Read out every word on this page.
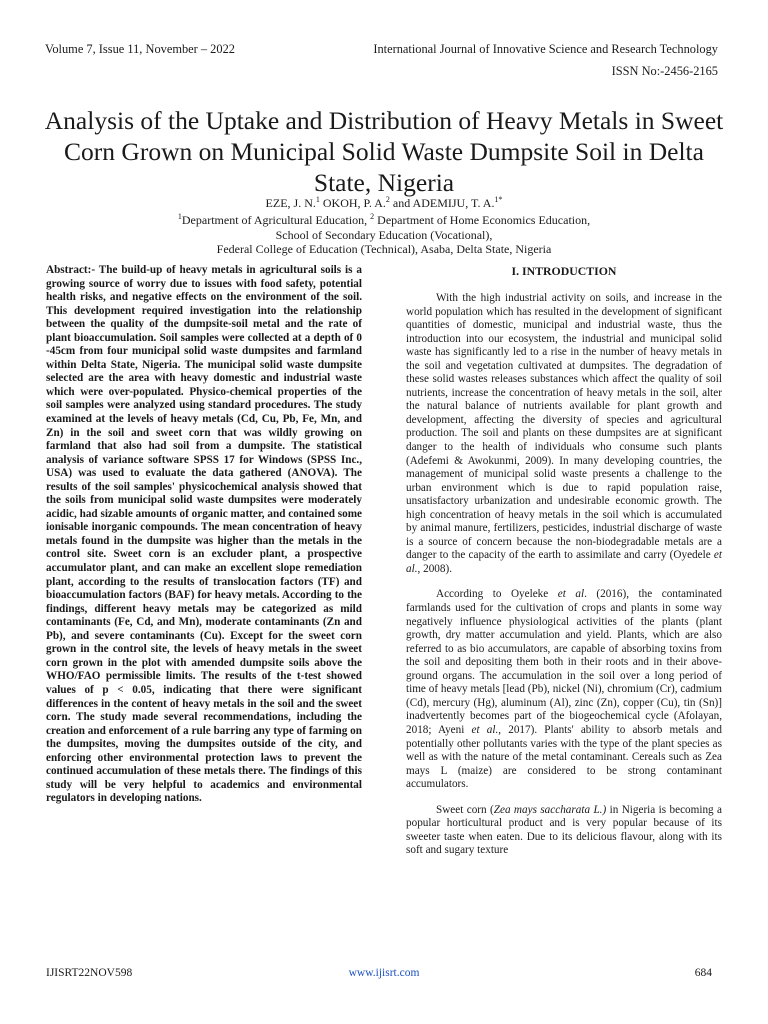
Volume 7, Issue 11, November – 2022	International Journal of Innovative Science and Research Technology
ISSN No:-2456-2165
Analysis of the Uptake and Distribution of Heavy Metals in Sweet Corn Grown on Municipal Solid Waste Dumpsite Soil in Delta State, Nigeria
EZE, J. N.$^1$ OKOH, P. A.$^2$ and ADEMIJU, T. A.$^{1*}$
$^1$Department of Agricultural Education, $^2$ Department of Home Economics Education,
School of Secondary Education (Vocational),
Federal College of Education (Technical), Asaba, Delta State, Nigeria

Abstract:- The build-up of heavy metals in agricultural soils is a growing source of worry due to issues with food safety, potential health risks, and negative effects on the environment of the soil. This development required investigation into the relationship between the quality of the dumpsite-soil metal and the rate of plant bioaccumulation. Soil samples were collected at a depth of 0 -45cm from four municipal solid waste dumpsites and farmland within Delta State, Nigeria. The municipal solid waste dumpsite selected are the area with heavy domestic and industrial waste which were over-populated. Physico-chemical properties of the soil samples were analyzed using standard procedures. The study examined at the levels of heavy metals (Cd, Cu, Pb, Fe, Mn, and Zn) in the soil and sweet corn that was wildly growing on farmland that also had soil from a dumpsite. The statistical analysis of variance software SPSS 17 for Windows (SPSS Inc., USA) was used to evaluate the data gathered (ANOVA). The results of the soil samples' physicochemical analysis showed that the soils from municipal solid waste dumpsites were moderately acidic, had sizable amounts of organic matter, and contained some ionisable inorganic compounds. The mean concentration of heavy metals found in the dumpsite was higher than the metals in the control site. Sweet corn is an excluder plant, a prospective accumulator plant, and can make an excellent slope remediation plant, according to the results of translocation factors (TF) and bioaccumulation factors (BAF) for heavy metals. According to the findings, different heavy metals may be categorized as mild contaminants (Fe, Cd, and Mn), moderate contaminants (Zn and Pb), and severe contaminants (Cu). Except for the sweet corn grown in the control site, the levels of heavy metals in the sweet corn grown in the plot with amended dumpsite soils above the WHO/FAO permissible limits. The results of the t-test showed values of p < 0.05, indicating that there were significant differences in the content of heavy metals in the soil and the sweet corn. The study made several recommendations, including the creation and enforcement of a rule barring any type of farming on the dumpsites, moving the dumpsites outside of the city, and enforcing other environmental protection laws to prevent the continued accumulation of these metals there. The findings of this study will be very helpful to academics and environmental regulators in developing nations.

I. INTRODUCTION

With the high industrial activity on soils, and increase in the world population which has resulted in the development of significant quantities of domestic, municipal and industrial waste, thus the introduction into our ecosystem, the industrial and municipal solid waste has significantly led to a rise in the number of heavy metals in the soil and vegetation cultivated at dumpsites. The degradation of these solid wastes releases substances which affect the quality of soil nutrients, increase the concentration of heavy metals in the soil, alter the natural balance of nutrients available for plant growth and development, affecting the diversity of species and agricultural production. The soil and plants on these dumpsites are at significant danger to the health of individuals who consume such plants (Adefemi & Awokunmi, 2009). In many developing countries, the management of municipal solid waste presents a challenge to the urban environment which is due to rapid population raise, unsatisfactory urbanization and undesirable economic growth. The high concentration of heavy metals in the soil which is accumulated by animal manure, fertilizers, pesticides, industrial discharge of waste is a source of concern because the non-biodegradable metals are a danger to the capacity of the earth to assimilate and carry (Oyedele et al., 2008).

According to Oyeleke et al. (2016), the contaminated farmlands used for the cultivation of crops and plants in some way negatively influence physiological activities of the plants (plant growth, dry matter accumulation and yield. Plants, which are also referred to as bio accumulators, are capable of absorbing toxins from the soil and depositing them both in their roots and in their above-ground organs. The accumulation in the soil over a long period of time of heavy metals [lead (Pb), nickel (Ni), chromium (Cr), cadmium (Cd), mercury (Hg), aluminum (Al), zinc (Zn), copper (Cu), tin (Sn)] inadvertently becomes part of the biogeochemical cycle (Afolayan, 2018; Ayeni et al., 2017). Plants' ability to absorb metals and potentially other pollutants varies with the type of the plant species as well as with the nature of the metal contaminant. Cereals such as Zea mays L (maize) are considered to be strong contaminant accumulators.

Sweet corn (Zea mays saccharata L.) in Nigeria is becoming a popular horticultural product and is very popular because of its sweeter taste when eaten. Due to its delicious flavour, along with its soft and sugary texture

IJISRT22NOV598	www.ijisrt.com	684
